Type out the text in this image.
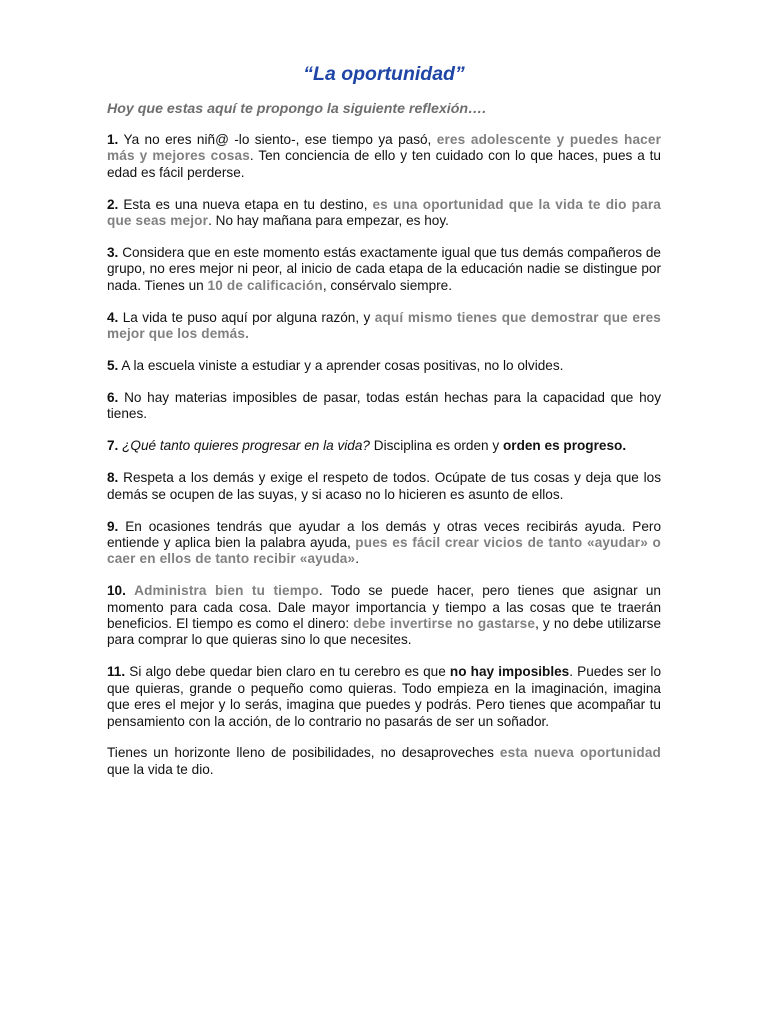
“La oportunidad”
Hoy que estas aquí te propongo la siguiente reflexión….

1. Ya no eres niñ@ -lo siento-, ese tiempo ya pasó, eres adolescente y puedes hacer más y mejores cosas. Ten conciencia de ello y ten cuidado con lo que haces, pues a tu edad es fácil perderse.

2. Esta es una nueva etapa en tu destino, es una oportunidad que la vida te dio para que seas mejor. No hay mañana para empezar, es hoy.

3. Considera que en este momento estás exactamente igual que tus demás compañeros de grupo, no eres mejor ni peor, al inicio de cada etapa de la educación nadie se distingue por nada. Tienes un 10 de calificación, consérvalo siempre.

4. La vida te puso aquí por alguna razón, y aquí mismo tienes que demostrar que eres mejor que los demás.

5. A la escuela viniste a estudiar y a aprender cosas positivas, no lo olvides.

6. No hay materias imposibles de pasar, todas están hechas para la capacidad que hoy tienes.

7. ¿Qué tanto quieres progresar en la vida? Disciplina es orden y orden es progreso.

8. Respeta a los demás y exige el respeto de todos. Ocúpate de tus cosas y deja que los demás se ocupen de las suyas, y si acaso no lo hicieren es asunto de ellos.

9. En ocasiones tendrás que ayudar a los demás y otras veces recibirás ayuda. Pero entiende y aplica bien la palabra ayuda, pues es fácil crear vicios de tanto «ayudar» o caer en ellos de tanto recibir «ayuda».

10. Administra bien tu tiempo. Todo se puede hacer, pero tienes que asignar un momento para cada cosa. Dale mayor importancia y tiempo a las cosas que te traerán beneficios. El tiempo es como el dinero: debe invertirse no gastarse, y no debe utilizarse para comprar lo que quieras sino lo que necesites.

11. Si algo debe quedar bien claro en tu cerebro es que no hay imposibles. Puedes ser lo que quieras, grande o pequeño como quieras. Todo empieza en la imaginación, imagina que eres el mejor y lo serás, imagina que puedes y podrás. Pero tienes que acompañar tu pensamiento con la acción, de lo contrario no pasarás de ser un soñador.

Tienes un horizonte lleno de posibilidades, no desaproveches esta nueva oportunidad que la vida te dio.
